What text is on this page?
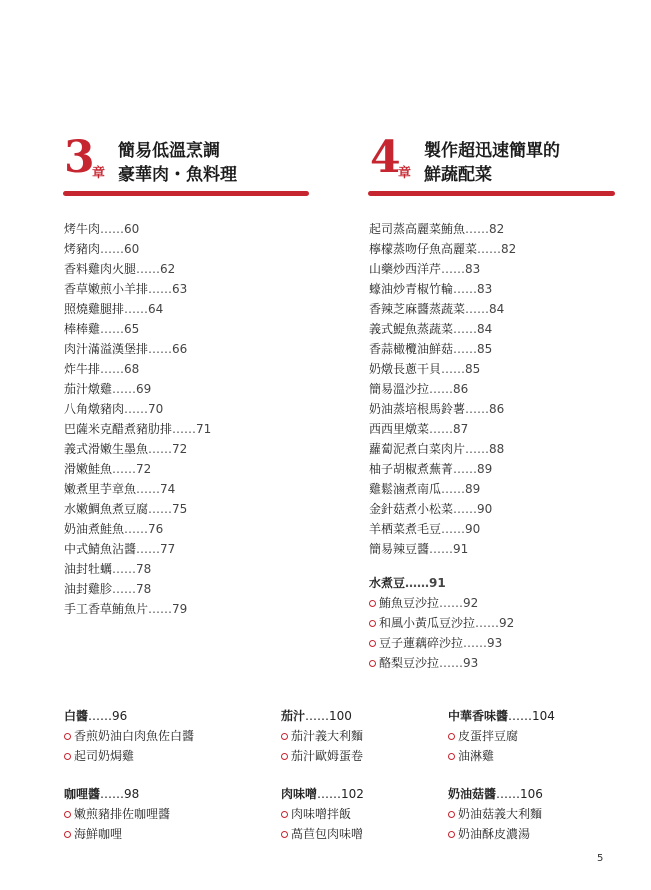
3
章
簡易低溫烹調
豪華肉・魚料理	4
章
製作超迅速簡單的
鮮蔬配菜
烤牛肉……60
烤豬肉……60
香料雞肉火腿……62
香草嫩煎小羊排……63
照燒雞腿排……64
棒棒雞……65
肉汁滿溢漢堡排……66
炸牛排……68
茄汁燉雞……69
八角燉豬肉……70
巴薩米克醋煮豬肋排……71
義式滑嫩生墨魚……72
滑嫩鮭魚……72
嫩煮里芋章魚……74
水嫩鯛魚煮豆腐……75
奶油煮鮭魚……76
中式鯖魚沾醬……77
油封牡蠣……78
油封雞胗……78
手工香草鮪魚片……79
起司蒸高麗菜鮪魚……82
檸檬蒸吻仔魚高麗菜……82
山藥炒西洋芹……83
蠔油炒青椒竹輪……83
香辣芝麻醬蒸蔬菜……84
義式鯷魚蒸蔬菜……84
香蒜橄欖油鮮菇……85
奶燉長蔥干貝……85
簡易溫沙拉……86
奶油蒸培根馬鈴薯……86
西西里燉菜……87
蘿蔔泥煮白菜肉片……88
柚子胡椒煮蕪菁……89
雞鬆滷煮南瓜……89
金針菇煮小松菜……90
羊栖菜煮毛豆……90
簡易辣豆醬……91
水煮豆……91
鮪魚豆沙拉……92
和風小黃瓜豆沙拉……92
豆子蓮藕碎沙拉……93
酪梨豆沙拉……93
白醬……96
香煎奶油白肉魚佐白醬
起司奶焗雞
茄汁……100
茄汁義大利麵
茄汁歐姆蛋卷
中華香味醬……104
皮蛋拌豆腐
油淋雞
咖哩醬……98
嫩煎豬排佐咖哩醬
海鮮咖哩
肉味噌……102
肉味噌拌飯
萵苣包肉味噌
奶油菇醬……106
奶油菇義大利麵
奶油酥皮濃湯
5
